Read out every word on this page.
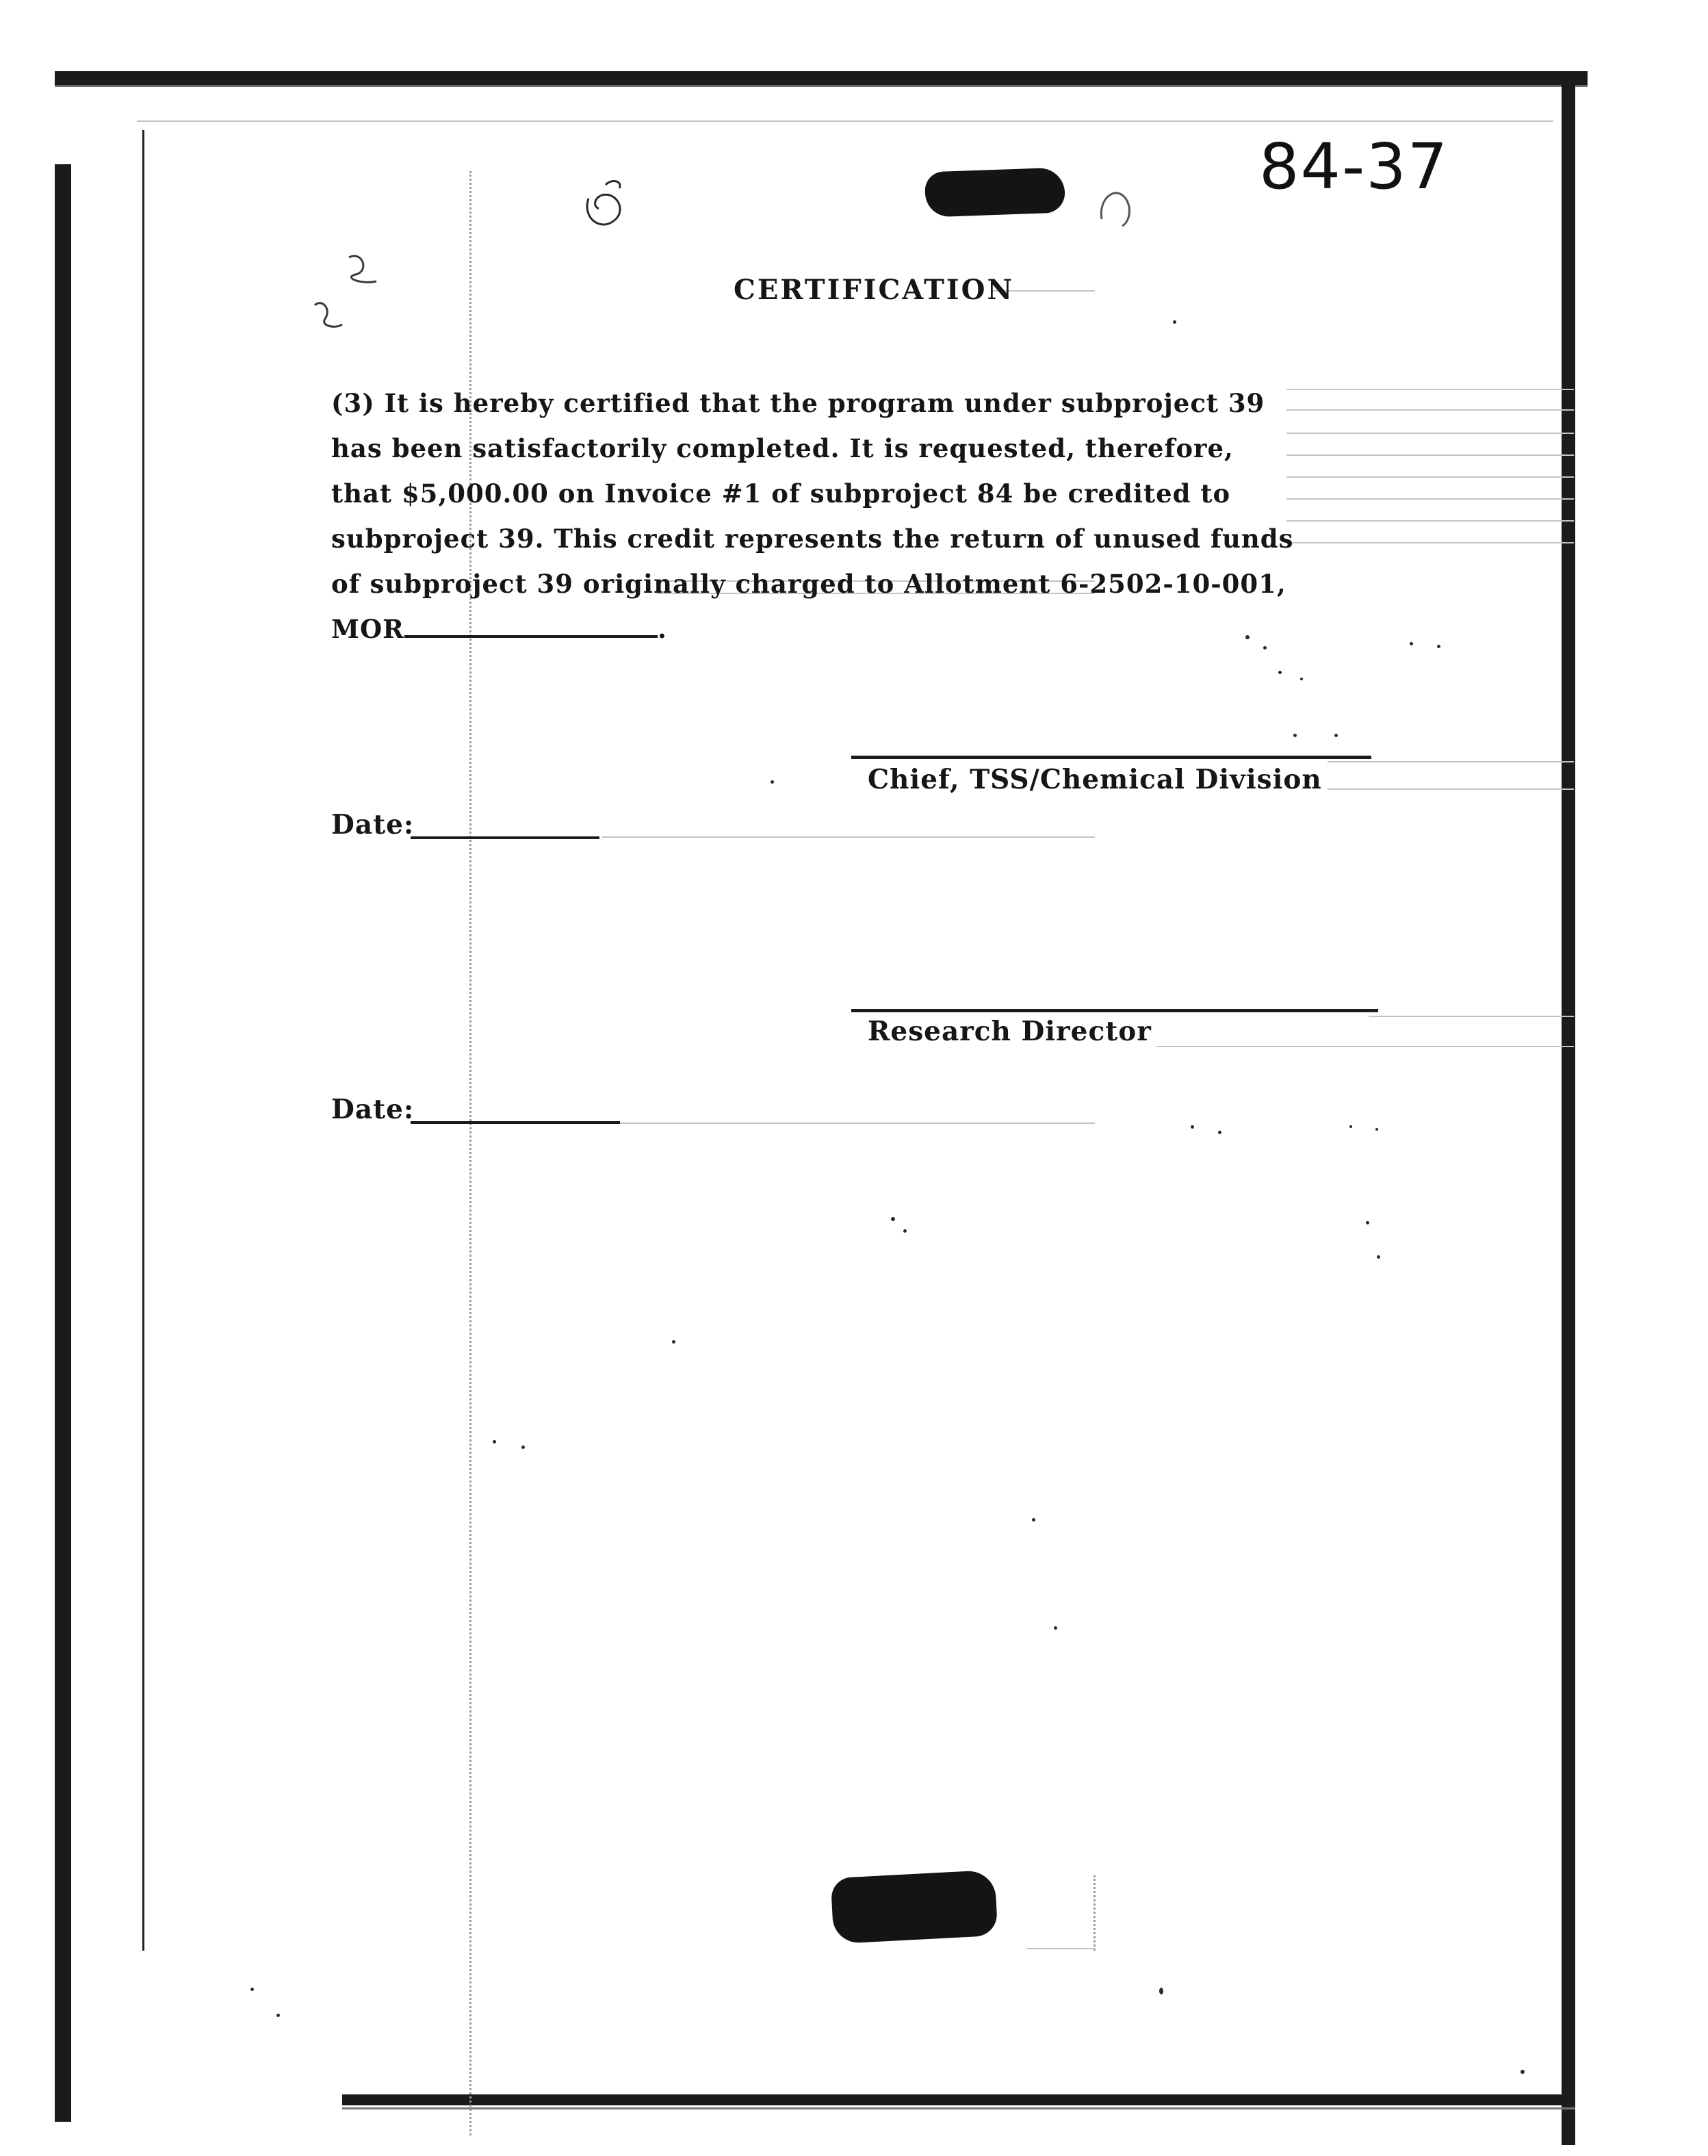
84-37
CERTIFICATION
(3) It is hereby certified that the program under subproject 39
has been satisfactorily completed. It is requested, therefore,
that $5,000.00 on Invoice #1 of subproject 84 be credited to
subproject 39. This credit represents the return of unused funds
of subproject 39 originally charged to Allotment 6-2502-10-001,
MOR	.
Chief, TSS/Chemical Division
Date:
Research Director
Date:
